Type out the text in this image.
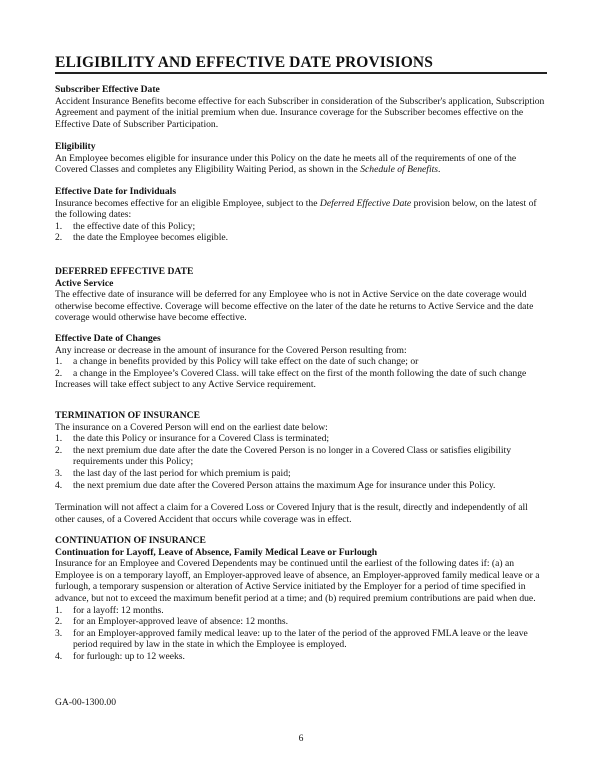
ELIGIBILITY AND EFFECTIVE DATE PROVISIONS

Subscriber Effective Date

Accident Insurance Benefits become effective for each Subscriber in consideration of the Subscriber's application, Subscription Agreement and payment of the initial premium when due. Insurance coverage for the Subscriber becomes effective on the Effective Date of Subscriber Participation.

Eligibility

An Employee becomes eligible for insurance under this Policy on the date he meets all of the requirements of one of the Covered Classes and completes any Eligibility Waiting Period, as shown in the Schedule of Benefits.

Effective Date for Individuals

Insurance becomes effective for an eligible Employee, subject to the Deferred Effective Date provision below, on the latest of the following dates:

1. the effective date of this Policy;
2. the date the Employee becomes eligible.

DEFERRED EFFECTIVE DATE

Active Service

The effective date of insurance will be deferred for any Employee who is not in Active Service on the date coverage would otherwise become effective. Coverage will become effective on the later of the date he returns to Active Service and the date coverage would otherwise have become effective.

Effective Date of Changes

Any increase or decrease in the amount of insurance for the Covered Person resulting from:

1. a change in benefits provided by this Policy will take effect on the date of such change; or
2. a change in the Employee’s Covered Class. will take effect on the first of the month following the date of such change

Increases will take effect subject to any Active Service requirement.

TERMINATION OF INSURANCE

The insurance on a Covered Person will end on the earliest date below:

1. the date this Policy or insurance for a Covered Class is terminated;
2. the next premium due date after the date the Covered Person is no longer in a Covered Class or satisfies eligibility requirements under this Policy;
3. the last day of the last period for which premium is paid;
4. the next premium due date after the Covered Person attains the maximum Age for insurance under this Policy.

Termination will not affect a claim for a Covered Loss or Covered Injury that is the result, directly and independently of all other causes, of a Covered Accident that occurs while coverage was in effect.

CONTINUATION OF INSURANCE

Continuation for Layoff, Leave of Absence, Family Medical Leave or Furlough

Insurance for an Employee and Covered Dependents may be continued until the earliest of the following dates if: (a) an Employee is on a temporary layoff, an Employer-approved leave of absence, an Employer-approved family medical leave or a furlough, a temporary suspension or alteration of Active Service initiated by the Employer for a period of time specified in advance, but not to exceed the maximum benefit period at a time; and (b) required premium contributions are paid when due.

1. for a layoff: 12 months.
2. for an Employer-approved leave of absence: 12 months.
3. for an Employer-approved family medical leave: up to the later of the period of the approved FMLA leave or the leave period required by law in the state in which the Employee is employed.
4. for furlough: up to 12 weeks.
GA-00-1300.00
6
